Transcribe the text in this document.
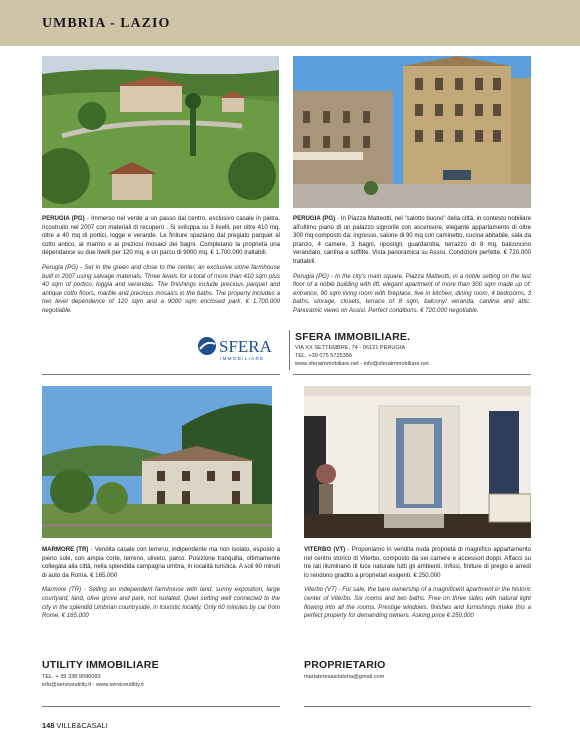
UMBRIA - LAZIO

PERUGIA (PG) - Immerso nel verde a un passo dal centro, esclusivo casale in pietra, ricostruito nel 2007 con materiali di recupero . Si sviluppa su 3 livelli, per oltre 410 mq, oltre a 40 mq di portici, logge e verande. Le finiture spaziano dal pregiato parquet al cotto antico, al marmo e ai preziosi mosaici dei bagni. Completano la proprietà una dépendance su due livelli per 120 mq, e un parco di 9000 mq. € 1.700.000 trattabili.

Perugia (PG) - Set in the green and close to the center, an exclusive stone farmhouse built in 2007 using salvage materials. Three levels for a total of more than 410 sqm plus 40 sqm of portico, loggia and verandas. The finishings include precious parquet and antique cotto floors, marble and precious mosaics in the baths. The property includes a two level dependence of 120 sqm and a 9000 sqm enclosed park. € 1.700.000 negotiable.

PERUGIA (PG) - In Piazza Matteotti, nel "salotto buono" della città, in contesto nobiliare all'ultimo piano di un palazzo signorile con ascensore, elegante appartamento di oltre 300 mq composto da: ingresso, salone di 90 mq con caminetto, cucina abitabile, sala da pranzo, 4 camere, 3 bagni, ripostigli, guardaroba, terrazzo di 8 mq, balconcino verandato, cantina e soffitte. Vista panoramica su Assisi. Condizioni perfette. € 720.000 trattabili.

Perugia (PG) - In the city's main square, Piazza Matteotti, in a noble setting on the last floor of a noble building with lift, elegant apartment of more than 300 sqm made up of: entrance, 90 sqm living room with fireplace, live in kitchen, dining room, 4 bedrooms, 3 baths, storage, closets, terrace of 8 sqm, balcony/ veranda, cantina and attic. Panoramic views on Assisi. Perfect conditions. € 720.000 negotiable.

SFERA
IMMOBILIARE
SFERA IMMOBILIARE.
VIA XX SETTEMBRE, 74 - 06121 PERUGIA
TEL. +39 075 5725356
www.sferaimmobiliare.net - info@sferaimmobiliare.net

MARMORE (TR) - Vendita casale con terreno, indipendente ma non isolato, esposto a pieno sole, con ampia corte, terreno, uliveto, parco. Posizione tranquilla, ottimamente collegata alla città, nella splendida campagna umbra, in località turistica. A soli 60 minuti di auto da Roma. € 165.000

Marmore (TR) - Selling an independent farmhouse with land, sunny exposition, large courtyard, land, olive grove and park, not isolated. Quiet setting well connected to the city in the splendid Umbrian countryside, in touristic locality. Only 60 minutes by car from Rome. € 165.000

VITERBO (VT) - Proponiamo in vendita nuda proprietà di magnifico appartamento nel centro storico di Viterbo, composto da sei camere e accessori doppi. Affacci su tre lati illuminano di luce naturale tutti gli ambienti. Infissi, finiture di pregio e arredi lo rendono gradito a proprietari esigenti. € 250.000

Viterbo (VT) - For sale, the bare ownership of a magnificent apartment in the historic center of Viterbo. Six rooms and two baths. Free on three sides with natural light flowing into all the rooms. Prestige windows, finishes and furnishings make this a perfect property for demanding owners. Asking price € 250.000

UTILITY IMMOBILIARE
TEL. + 39 338 9596083
info@serviceutility.it - www.serviceutility.it
PROPRIETARIO
mariateresasindona@gmail.com
148 VILLE&CASALI
